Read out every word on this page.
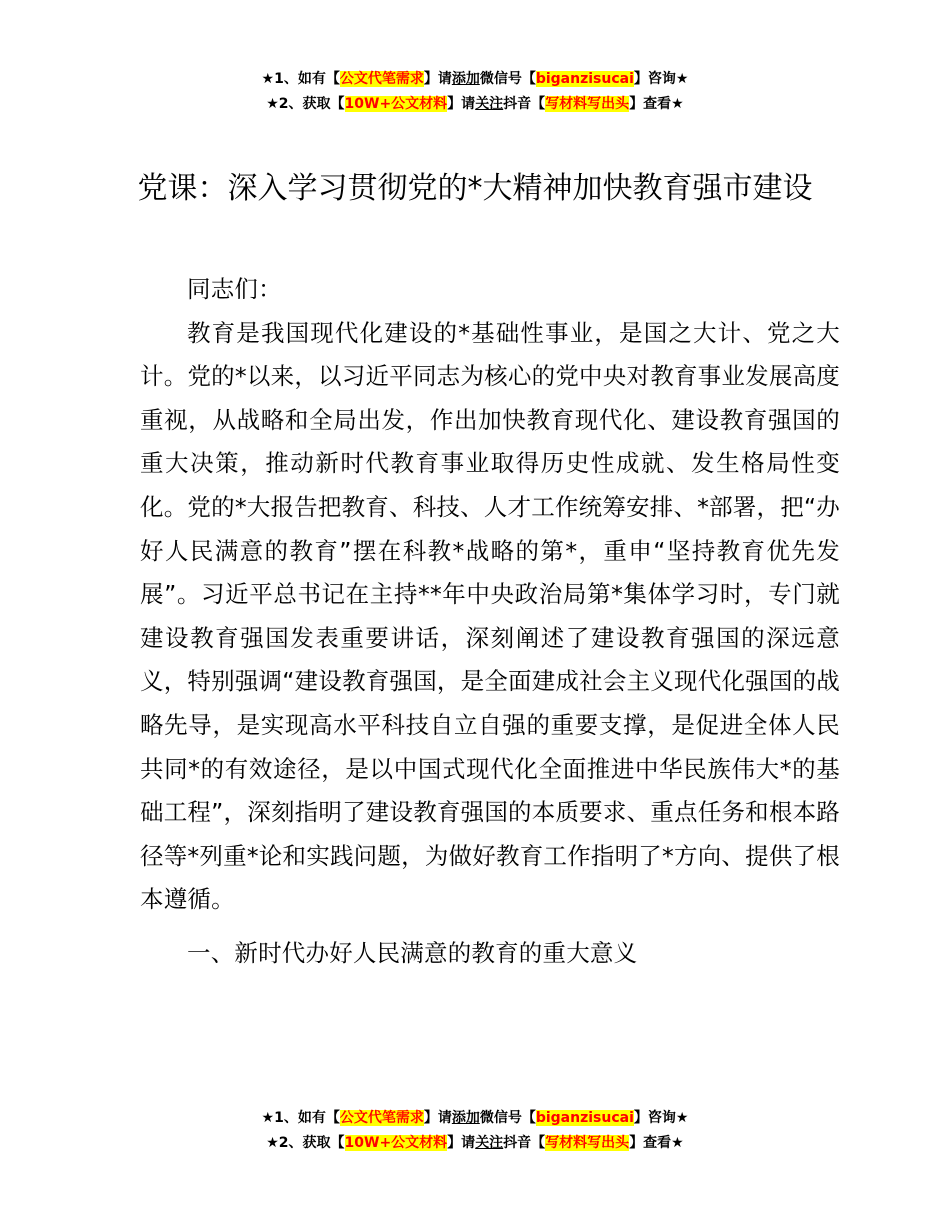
★1、如有【公文代笔需求】请添加微信号【biganzisucai】咨询★
★2、获取【10W+公文材料】请关注抖音【写材料写出头】查看★
党课：深入学习贯彻党的*大精神加快教育强市建设

同志们：

教育是我国现代化建设的*基础性事业，是国之大计、党之大计。党的*以来，以习近平同志为核心的党中央对教育事业发展高度重视，从战略和全局出发，作出加快教育现代化、建设教育强国的重大决策，推动新时代教育事业取得历史性成就、发生格局性变化。党的*大报告把教育、科技、人才工作统筹安排、*部署，把“办好人民满意的教育”摆在科教*战略的第*，重申“坚持教育优先发展”。习近平总书记在主持**年中央政治局第*集体学习时，专门就建设教育强国发表重要讲话，深刻阐述了建设教育强国的深远意义，特别强调“建设教育强国，是全面建成社会主义现代化强国的战略先导，是实现高水平科技自立自强的重要支撑，是促进全体人民共同*的有效途径，是以中国式现代化全面推进中华民族伟大*的基础工程”，深刻指明了建设教育强国的本质要求、重点任务和根本路径等*列重*论和实践问题，为做好教育工作指明了*方向、提供了根本遵循。

一、新时代办好人民满意的教育的重大意义

★1、如有【公文代笔需求】请添加微信号【biganzisucai】咨询★
★2、获取【10W+公文材料】请关注抖音【写材料写出头】查看★
